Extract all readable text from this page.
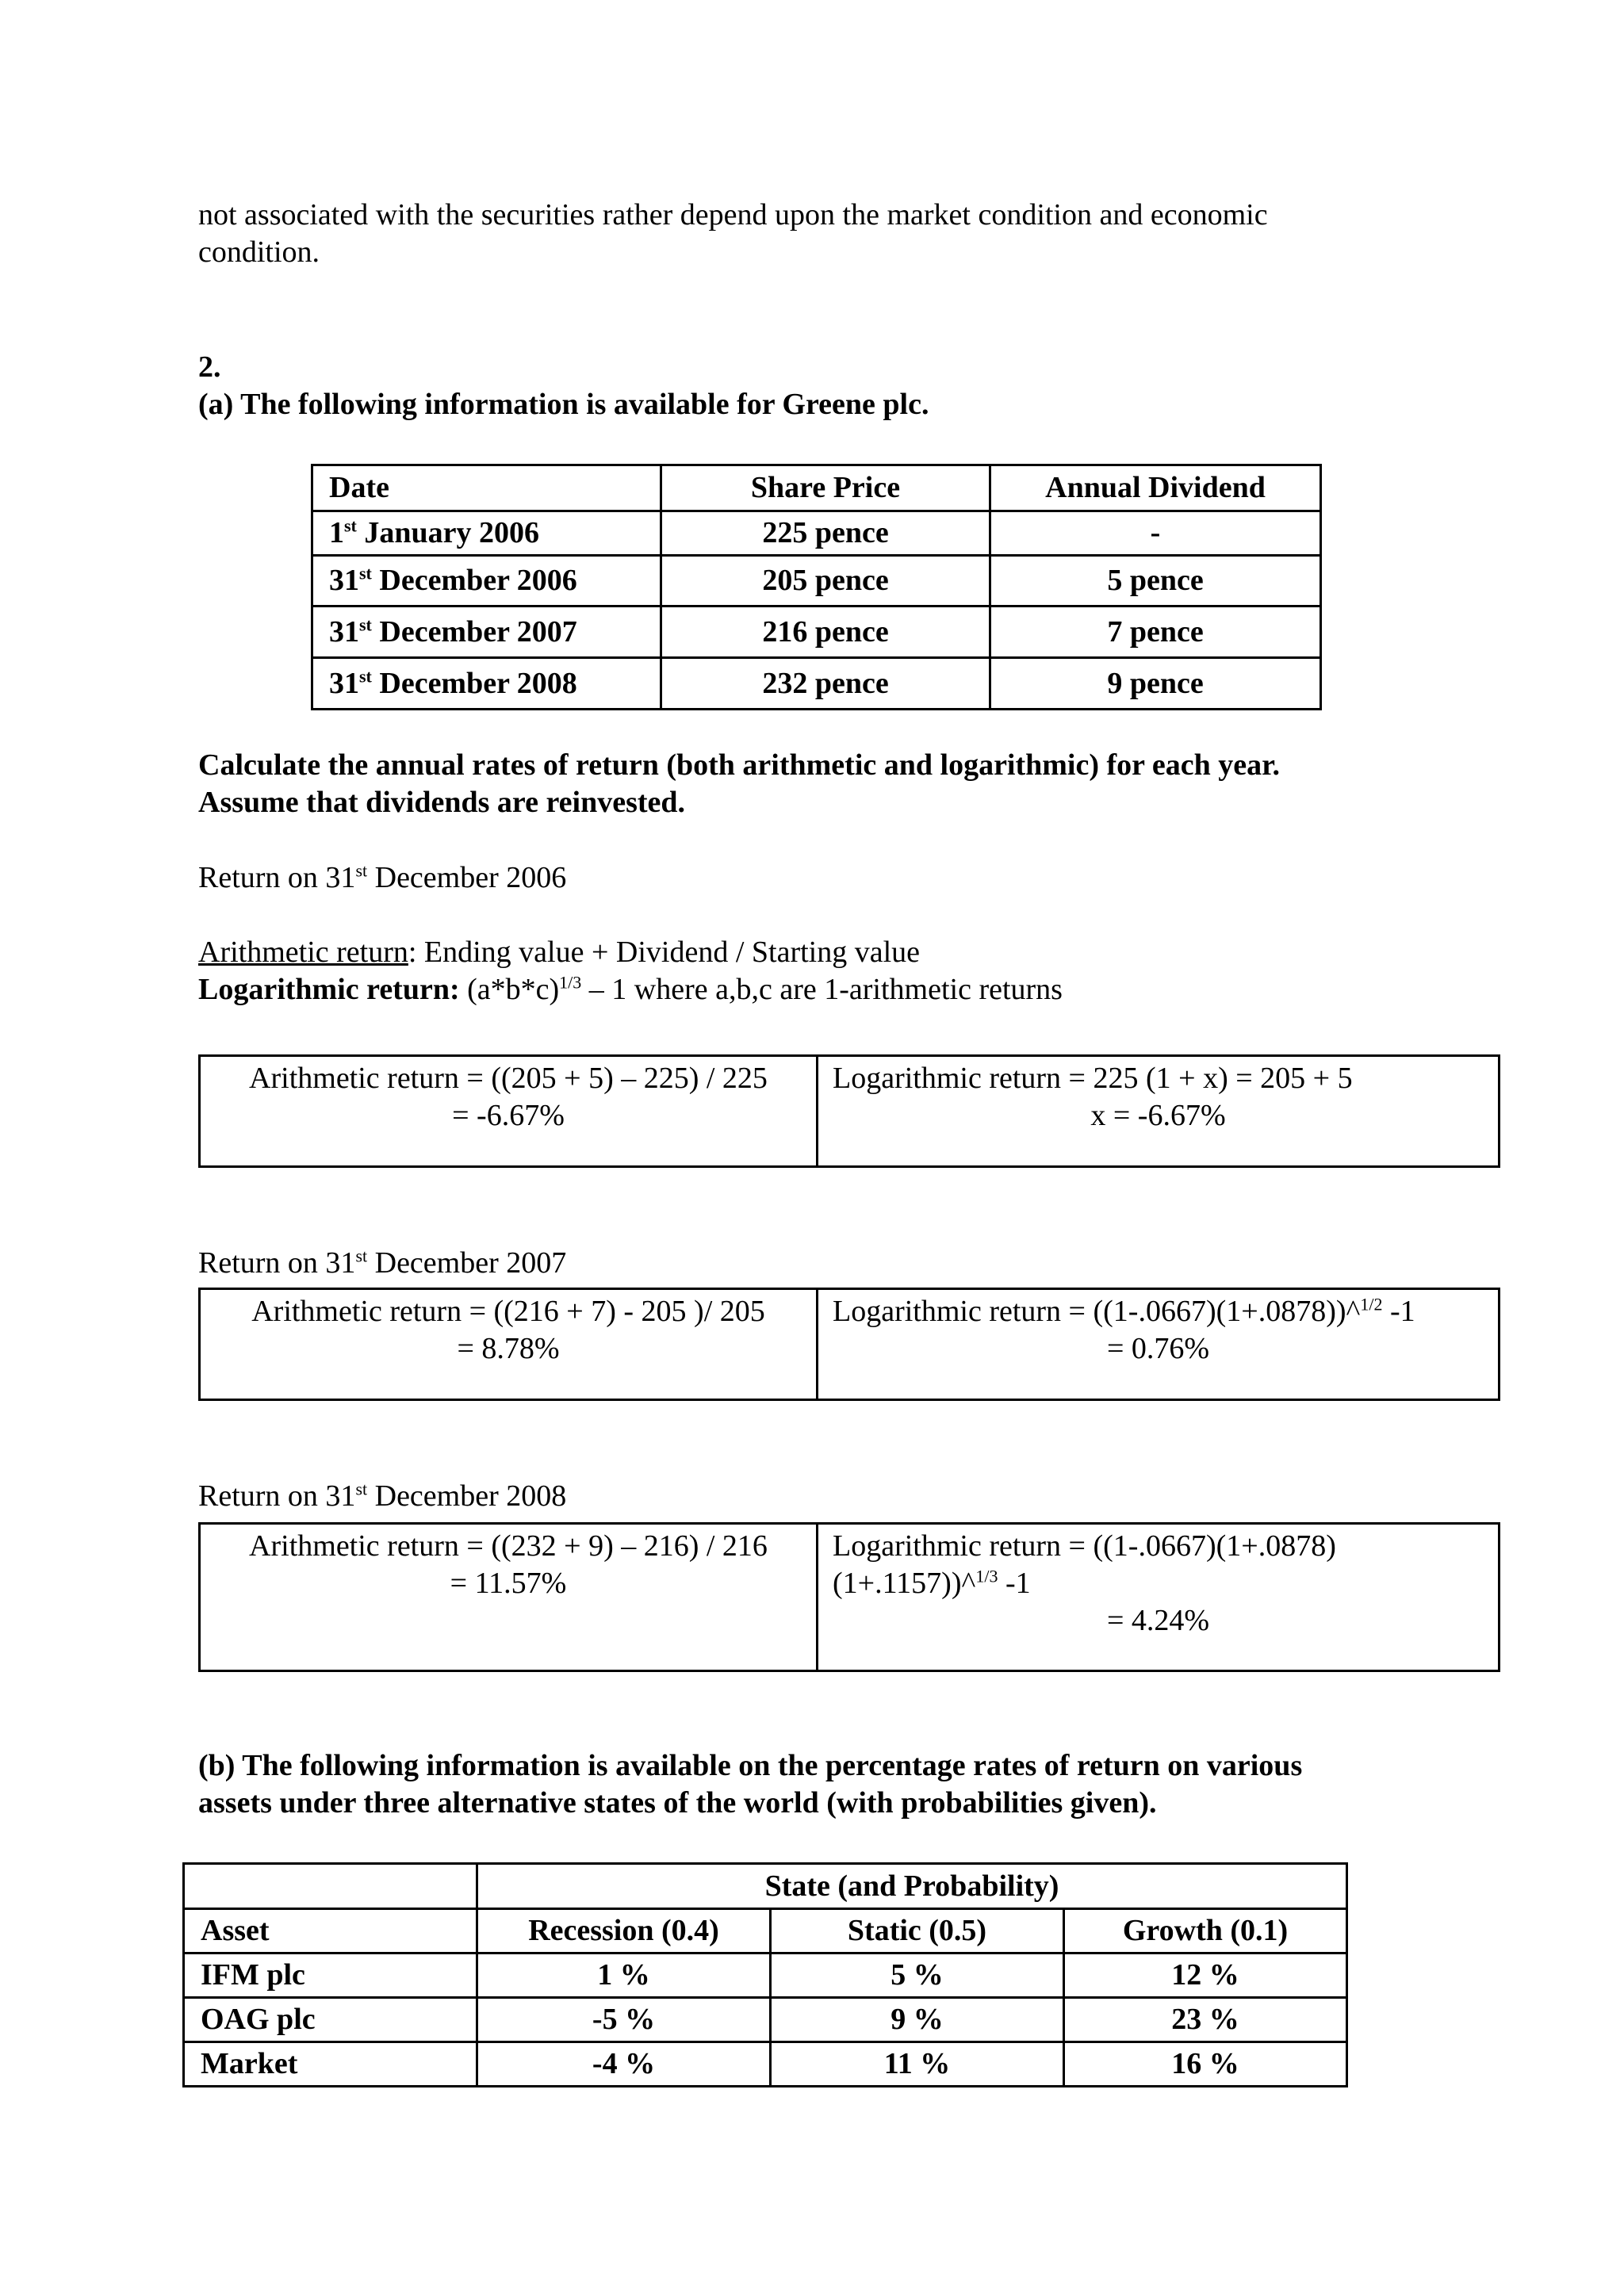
not associated with the securities rather depend upon the market condition and economic

condition.

2.
(a) The following information is available for Greene plc.
Date	Share Price	Annual Dividend
1st January 2006	225 pence	-
31st December 2006	205 pence	5 pence
31st December 2007	216 pence	7 pence
31st December 2008	232 pence	9 pence

Calculate the annual rates of return (both arithmetic and logarithmic) for each year.

Assume that dividends are reinvested.

Return on 31st December 2006

Arithmetic return: Ending value + Dividend / Starting value

Logarithmic return: $(a*b*c)^{1/3} - 1$ where a,b,c are 1-arithmetic returns

Arithmetic return = ((205 + 5) – 225) / 225

= -6.67%

Logarithmic return = 225 (1 + x) = 205 + 5

x = -6.67%

Return on 31st December 2007

Arithmetic return = ((216 + 7) - 205 )/ 205

= 8.78%

Logarithmic return = ((1-.0667)(1+.0878))^$^{1/2}$ -1

= 0.76%

Return on 31st December 2008

Arithmetic return = ((232 + 9) – 216) / 216

= 11.57%

Logarithmic return = ((1-.0667)(1+.0878)

(1+.1157))^$^{1/3}$ -1

= 4.24%

(b) The following information is available on the percentage rates of return on various

assets under three alternative states of the world (with probabilities given).

	State (and Probability)		
Asset	Recession (0.4)	Static (0.5)	Growth (0.1)
IFM plc	1 %	5 %	12 %
OAG plc	-5 %	9 %	23 %
Market	-4 %	11 %	16 %
